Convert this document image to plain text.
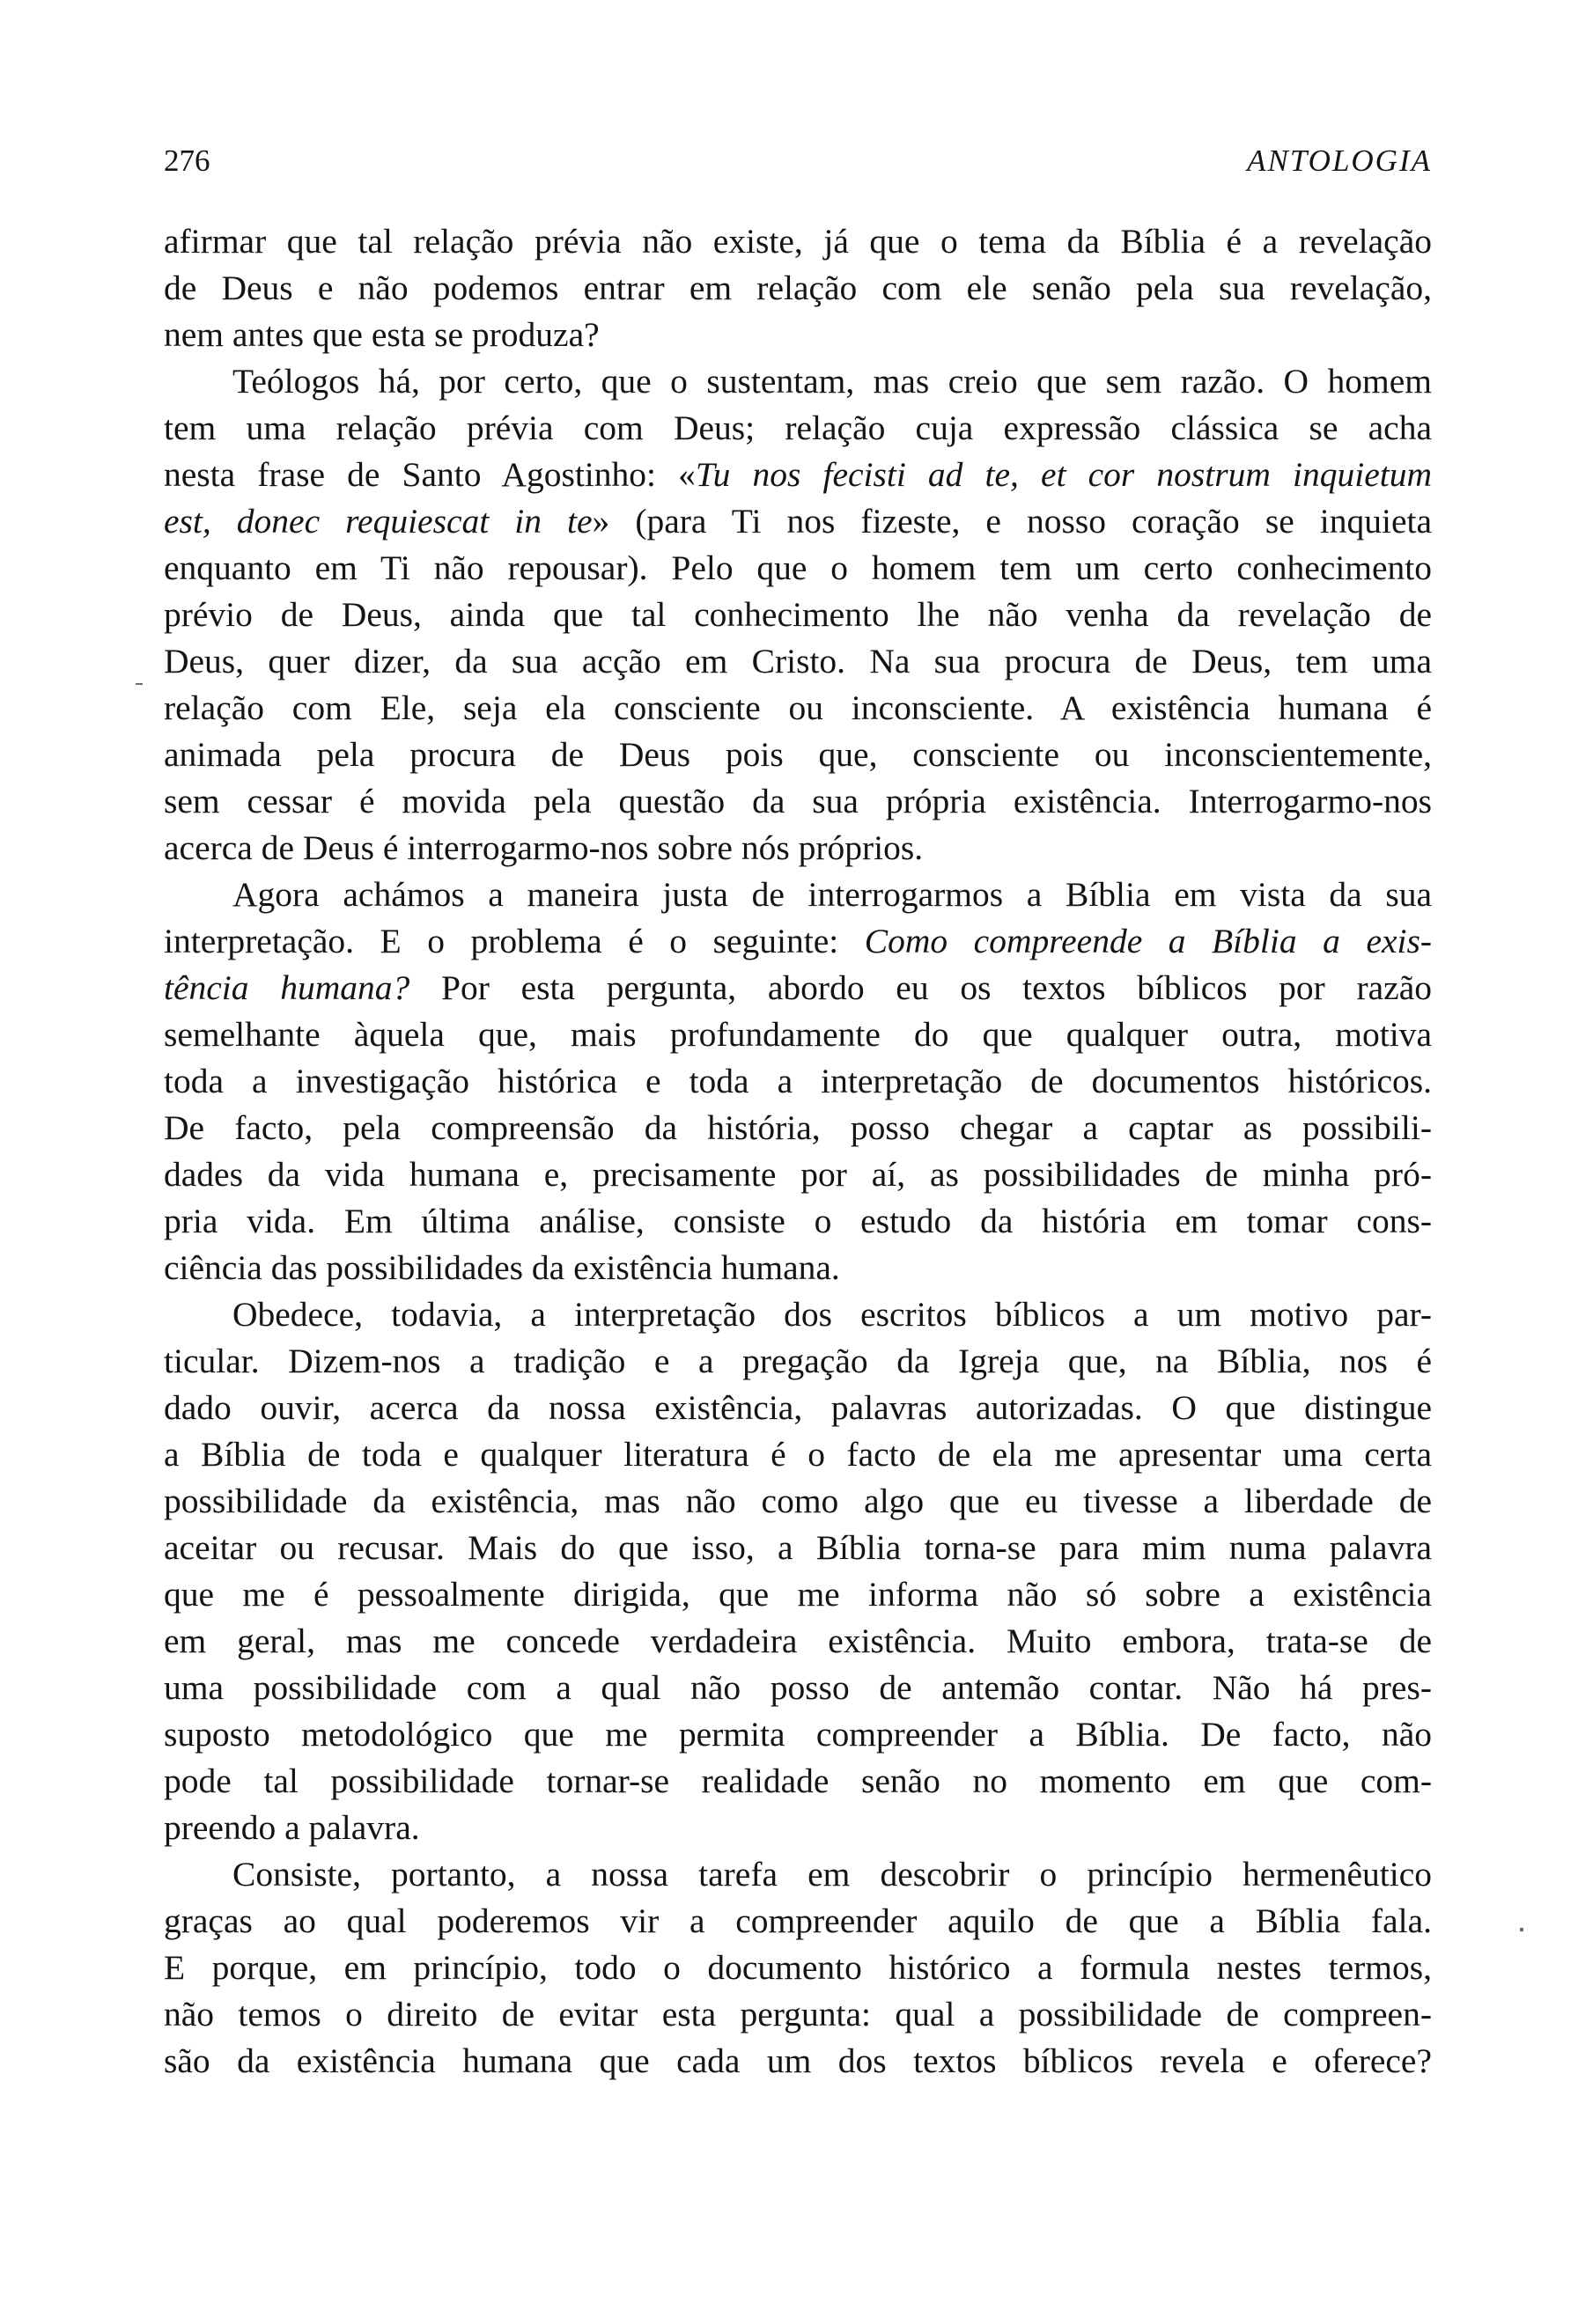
276	ANTOLOGIA
afirmar que tal relação prévia não existe, já que o tema da Bíblia é a revelação
de Deus e não podemos entrar em relação com ele senão pela sua revelação,
nem antes que esta se produza?
Teólogos há, por certo, que o sustentam, mas creio que sem razão. O homem
tem uma relação prévia com Deus; relação cuja expressão clássica se acha
nesta frase de Santo Agostinho: «Tu nos fecisti ad te, et cor nostrum inquietum
est, donec requiescat in te» (para Ti nos fizeste, e nosso coração se inquieta
enquanto em Ti não repousar). Pelo que o homem tem um certo conhecimento
prévio de Deus, ainda que tal conhecimento lhe não venha da revelação de
Deus, quer dizer, da sua acção em Cristo. Na sua procura de Deus, tem uma
relação com Ele, seja ela consciente ou inconsciente. A existência humana é
animada pela procura de Deus pois que, consciente ou inconscientemente,
sem cessar é movida pela questão da sua própria existência. Interrogarmo-nos
acerca de Deus é interrogarmo-nos sobre nós próprios.
Agora achámos a maneira justa de interrogarmos a Bíblia em vista da sua
interpretação. E o problema é o seguinte: Como compreende a Bíblia a exis-
tência humana? Por esta pergunta, abordo eu os textos bíblicos por razão
semelhante àquela que, mais profundamente do que qualquer outra, motiva
toda a investigação histórica e toda a interpretação de documentos históricos.
De facto, pela compreensão da história, posso chegar a captar as possibili-
dades da vida humana e, precisamente por aí, as possibilidades de minha pró-
pria vida. Em última análise, consiste o estudo da história em tomar cons-
ciência das possibilidades da existência humana.
Obedece, todavia, a interpretação dos escritos bíblicos a um motivo par-
ticular. Dizem-nos a tradição e a pregação da Igreja que, na Bíblia, nos é
dado ouvir, acerca da nossa existência, palavras autorizadas. O que distingue
a Bíblia de toda e qualquer literatura é o facto de ela me apresentar uma certa
possibilidade da existência, mas não como algo que eu tivesse a liberdade de
aceitar ou recusar. Mais do que isso, a Bíblia torna-se para mim numa palavra
que me é pessoalmente dirigida, que me informa não só sobre a existência
em geral, mas me concede verdadeira existência. Muito embora, trata-se de
uma possibilidade com a qual não posso de antemão contar. Não há pres-
suposto metodológico que me permita compreender a Bíblia. De facto, não
pode tal possibilidade tornar-se realidade senão no momento em que com-
preendo a palavra.
Consiste, portanto, a nossa tarefa em descobrir o princípio hermenêutico
graças ao qual poderemos vir a compreender aquilo de que a Bíblia fala.
E porque, em princípio, todo o documento histórico a formula nestes termos,
não temos o direito de evitar esta pergunta: qual a possibilidade de compreen-
são da existência humana que cada um dos textos bíblicos revela e oferece?
